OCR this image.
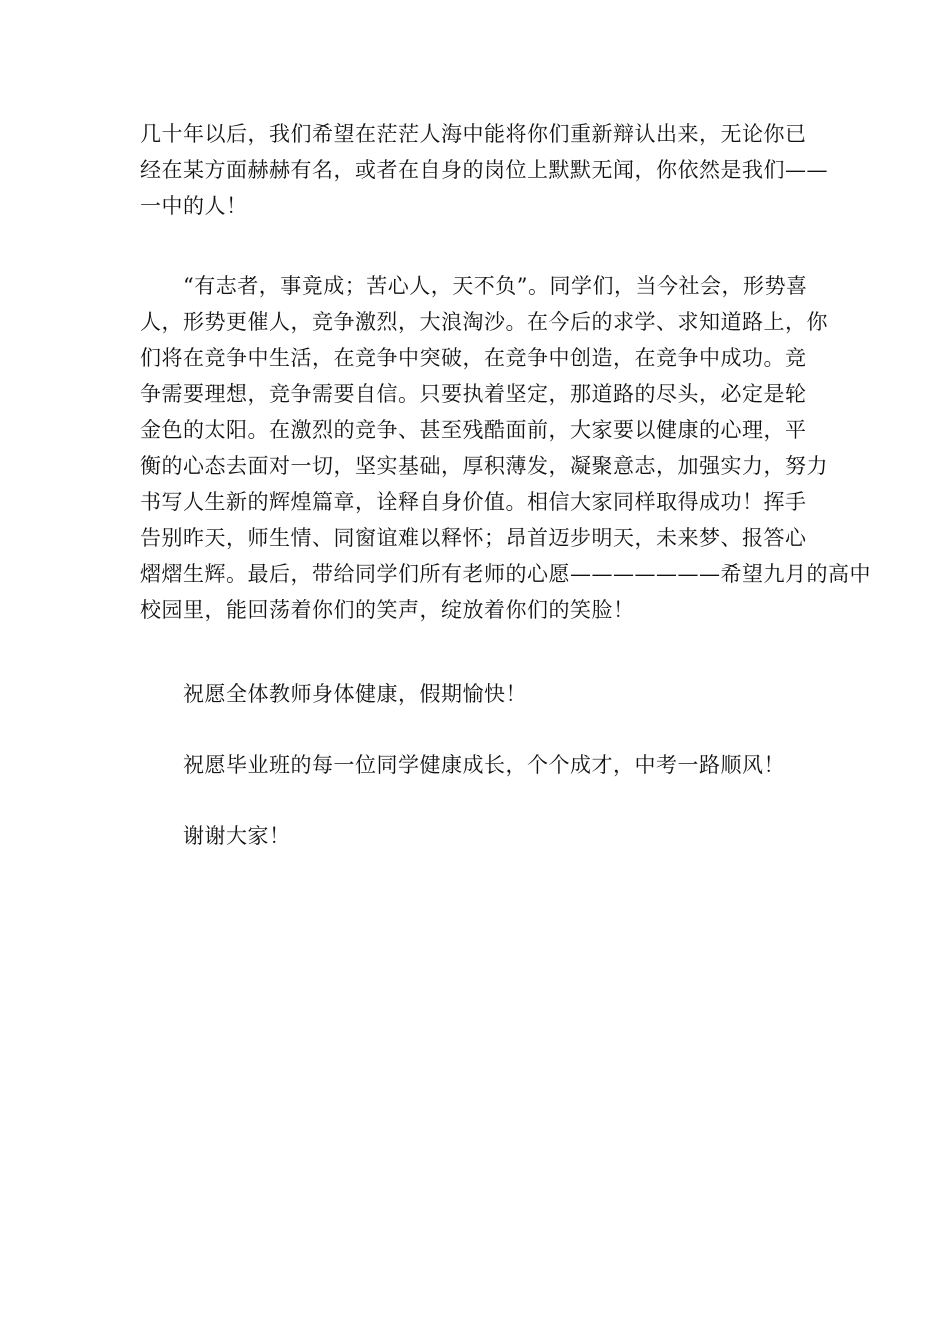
几十年以后，我们希望在茫茫人海中能将你们重新辩认出来，无论你已
经在某方面赫赫有名，或者在自身的岗位上默默无闻，你依然是我们——
一中的人！
　　“有志者，事竟成；苦心人，天不负”。同学们，当今社会，形势喜
人，形势更催人，竞争激烈，大浪淘沙。在今后的求学、求知道路上，你
们将在竞争中生活，在竞争中突破，在竞争中创造，在竞争中成功。竞
争需要理想，竞争需要自信。只要执着坚定，那道路的尽头，必定是轮
金色的太阳。在激烈的竞争、甚至残酷面前，大家要以健康的心理，平
衡的心态去面对一切，坚实基础，厚积薄发，凝聚意志，加强实力，努力
书写人生新的辉煌篇章，诠释自身价值。相信大家同样取得成功！挥手
告别昨天，师生情、同窗谊难以释怀；昂首迈步明天，未来梦、报答心
熠熠生辉。最后，带给同学们所有老师的心愿———————希望九月的高中
校园里，能回荡着你们的笑声，绽放着你们的笑脸！
　　祝愿全体教师身体健康，假期愉快！
　　祝愿毕业班的每一位同学健康成长，个个成才，中考一路顺风！
　　谢谢大家！
